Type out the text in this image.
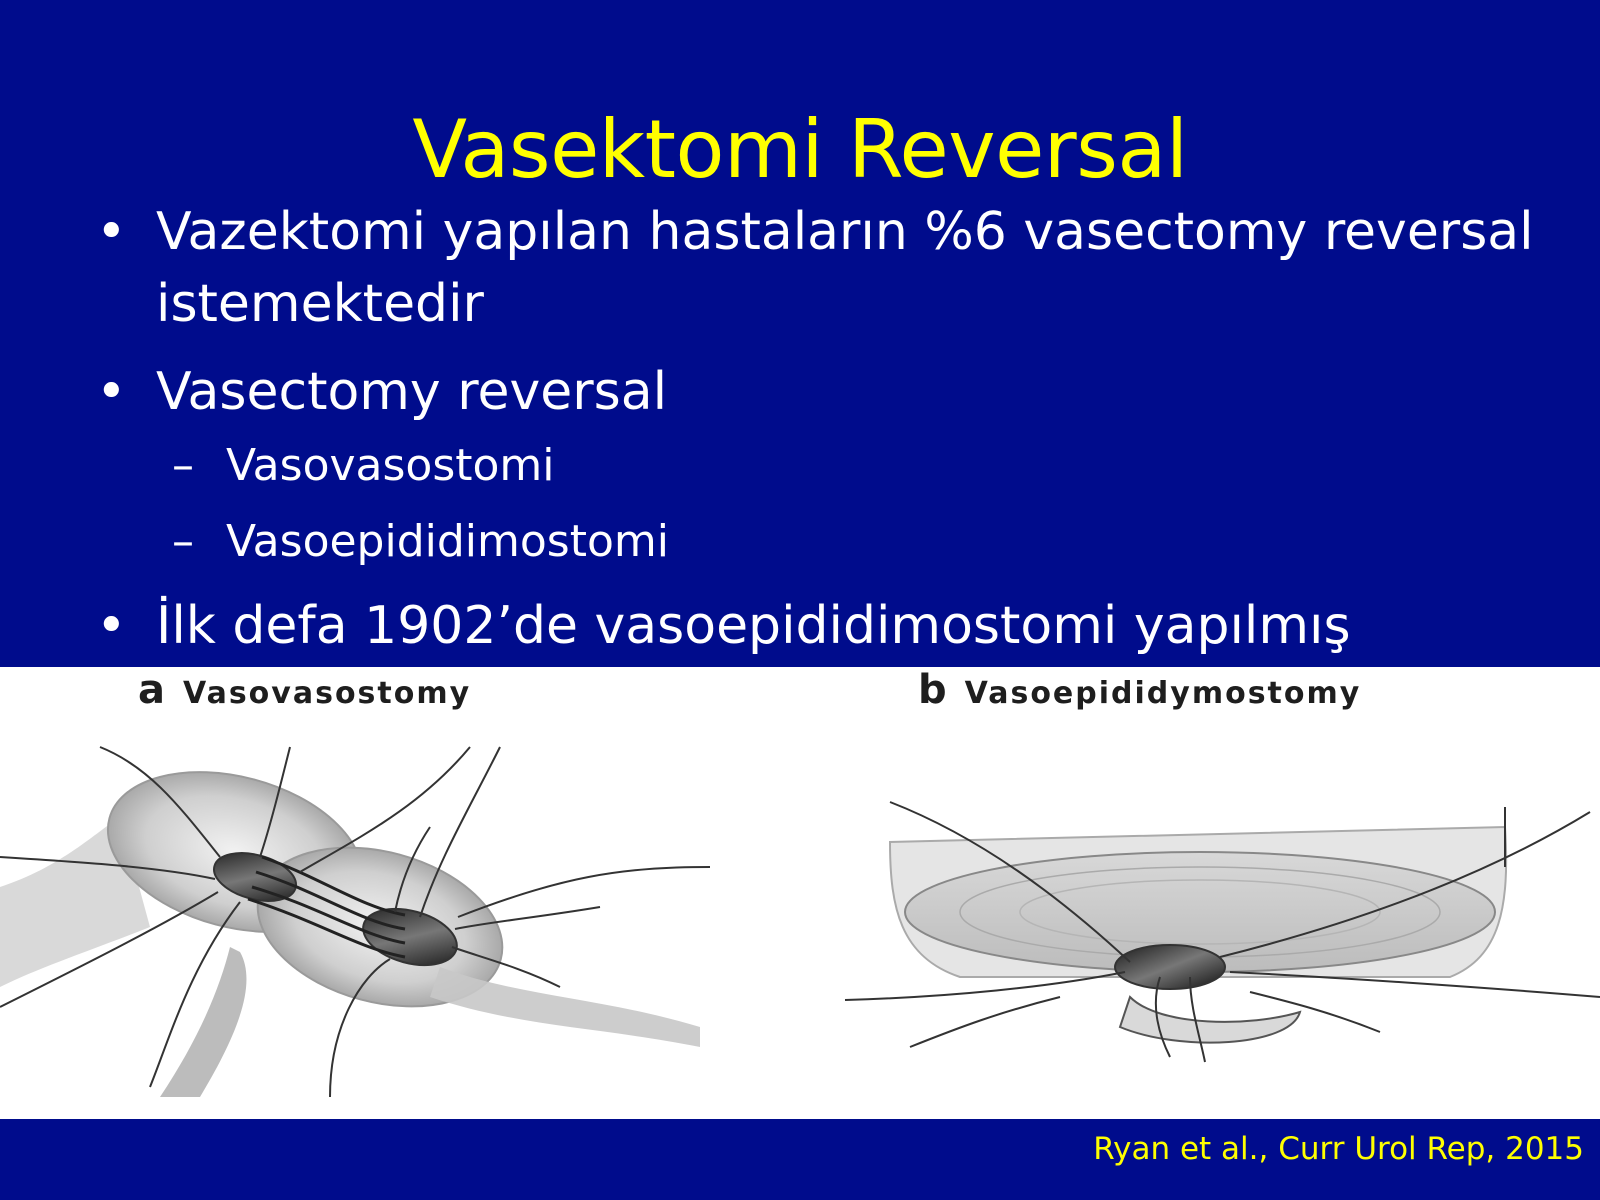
Vasektomi Reversal
• Vazektomi yapılan hastaların %6 vasectomy reversal istemektedir
• Vasectomy reversal
– Vasovasostomi
– Vasoepididimostomi
• İlk defa 1902’de vasoepididimostomi yapılmış
a Vasovasostomy	b Vasoepididymostomy
Ryan et al., Curr Urol Rep, 2015
